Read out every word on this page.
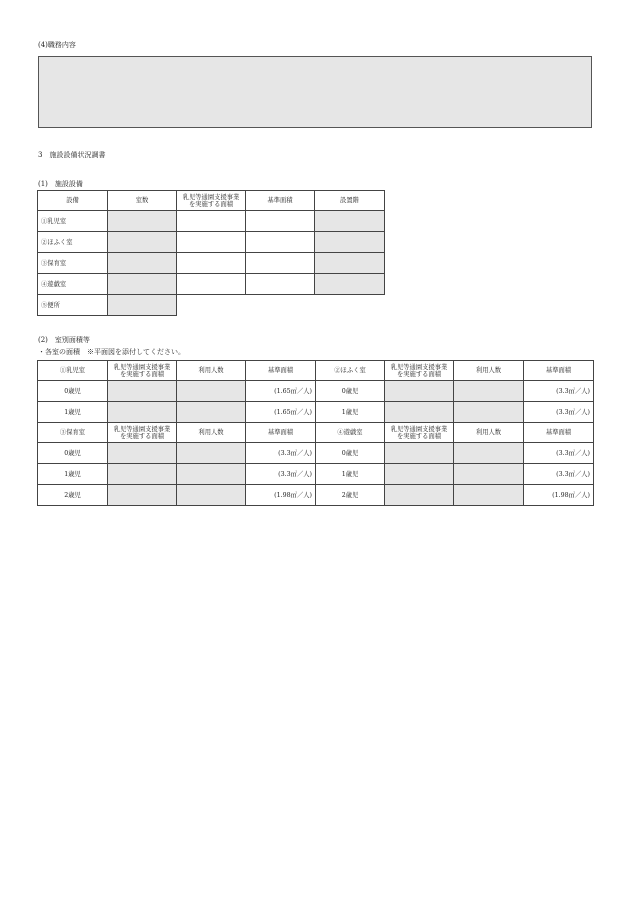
(4)職務内容
3　施設設備状況調書
(1)　施設設備
設備	室数	乳児等通園支援事業
を実施する面積	基準面積	設置階
①乳児室				
②ほふく室				
③保育室				
④遊戯室				
⑤便所				
(2)　室別面積等
・各室の面積　※平面図を添付してください。
①乳児室	乳児等通園支援事業
を実施する面積	利用人数	基準面積	②ほふく室	乳児等通園支援事業
を実施する面積	利用人数	基準面積
0歳児			(1.65㎡／人)	0歳児			(3.3㎡／人)
1歳児			(1.65㎡／人)	1歳児			(3.3㎡／人)
③保育室	乳児等通園支援事業
を実施する面積	利用人数	基準面積	④遊戯室	乳児等通園支援事業
を実施する面積	利用人数	基準面積
0歳児			(3.3㎡／人)	0歳児			(3.3㎡／人)
1歳児			(3.3㎡／人)	1歳児			(3.3㎡／人)
2歳児			(1.98㎡／人)	2歳児			(1.98㎡／人)
